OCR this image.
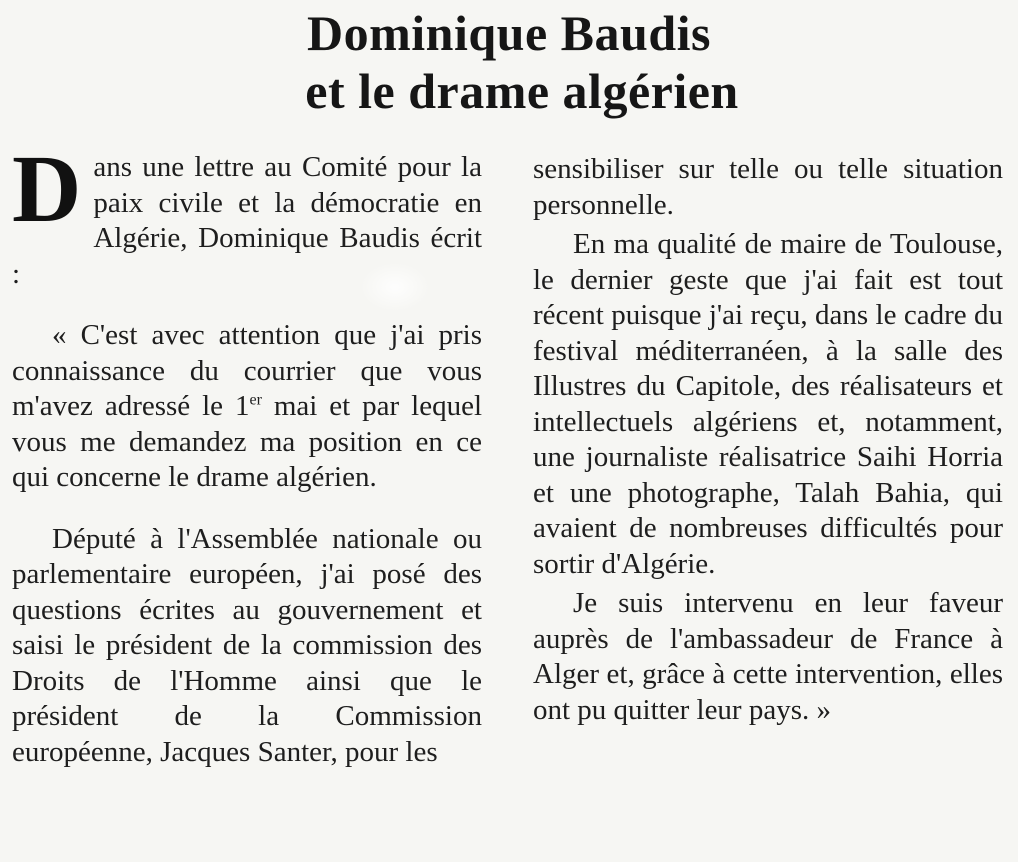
Dominique Baudis
et le drame algérien

Dans une lettre au Comité pour la paix civile et la démocratie en Algérie, Dominique Baudis écrit :

« C'est avec attention que j'ai pris connaissance du courrier que vous m'avez adressé le 1er mai et par lequel vous me demandez ma position en ce qui concerne le drame algérien.

Député à l'Assemblée nationale ou parlementaire européen, j'ai posé des questions écrites au gouvernement et saisi le président de la commission des Droits de l'Homme ainsi que le président de la Commission européenne, Jacques Santer, pour les

sensibiliser sur telle ou telle situation personnelle.

En ma qualité de maire de Toulouse, le dernier geste que j'ai fait est tout récent puisque j'ai reçu, dans le cadre du festival méditerranéen, à la salle des Illustres du Capitole, des réalisateurs et intellectuels algériens et, notamment, une journaliste réalisatrice Saihi Horria et une photographe, Talah Bahia, qui avaient de nombreuses difficultés pour sortir d'Algérie.

Je suis intervenu en leur faveur auprès de l'ambassadeur de France à Alger et, grâce à cette intervention, elles ont pu quitter leur pays. »
